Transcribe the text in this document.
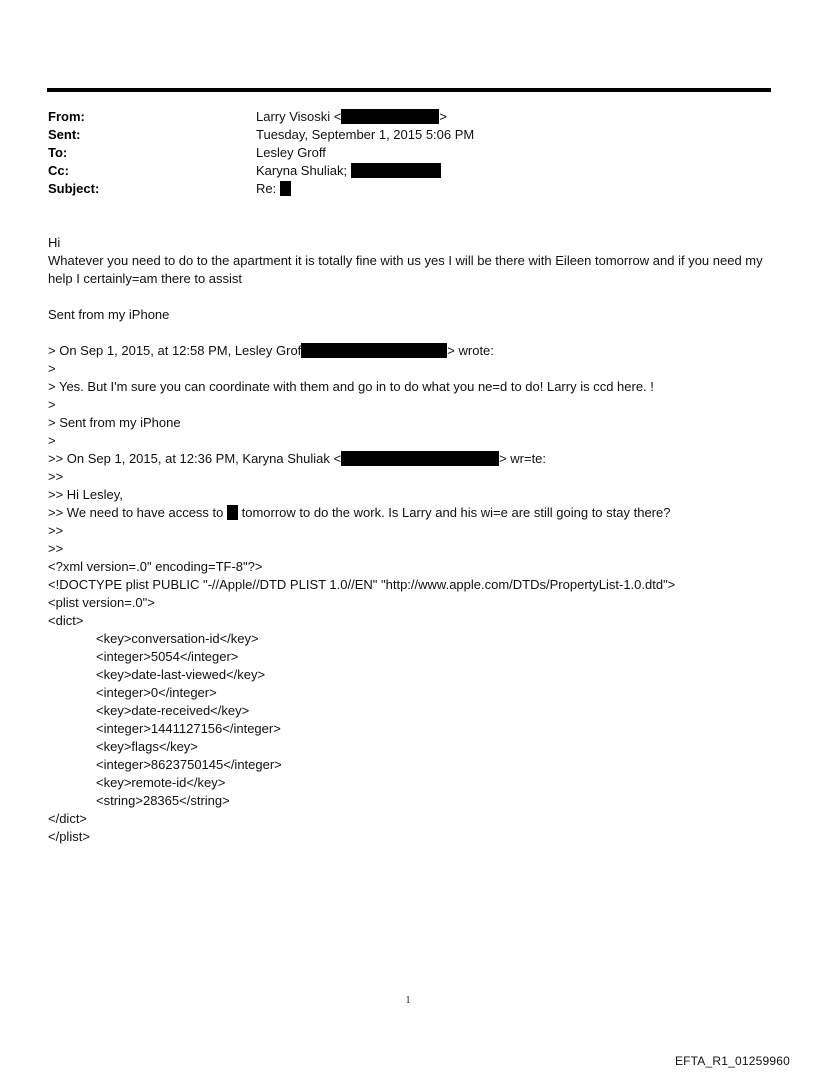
From:	Larry Visoski <	>
Sent:	Tuesday, September 1, 2015 5:06 PM
To:	Lesley Groff
Cc:	Karyna Shuliak;
Subject:	Re:
Hi
Whatever you need to do to the apartment it is totally fine with us yes I will be there with Eileen tomorrow and if you need my help I certainly=am there to assist
Sent from my iPhone
> On Sep 1, 2015, at 12:58 PM, Lesley Grof	> wrote:
>
> Yes. But I'm sure you can coordinate with them and go in to do what you ne=d to do! Larry is ccd here. !
>
> Sent from my iPhone
>
>> On Sep 1, 2015, at 12:36 PM, Karyna Shuliak <	> wr=te:
>>
>> Hi Lesley,
>> We need to have access to tomorrow to do the work. Is Larry and his wi=e are still going to stay there?
>>
>>
<?xml version=.0" encoding=TF-8"?>
<!DOCTYPE plist PUBLIC "-//Apple//DTD PLIST 1.0//EN" "http://www.apple.com/DTDs/PropertyList-1.0.dtd">
<plist version=.0">
<dict>
<key>conversation-id</key>
<integer>5054</integer>
<key>date-last-viewed</key>
<integer>0</integer>
<key>date-received</key>
<integer>1441127156</integer>
<key>flags</key>
<integer>8623750145</integer>
<key>remote-id</key>
<string>28365</string>
</dict>
</plist>
1
EFTA_R1_01259960
